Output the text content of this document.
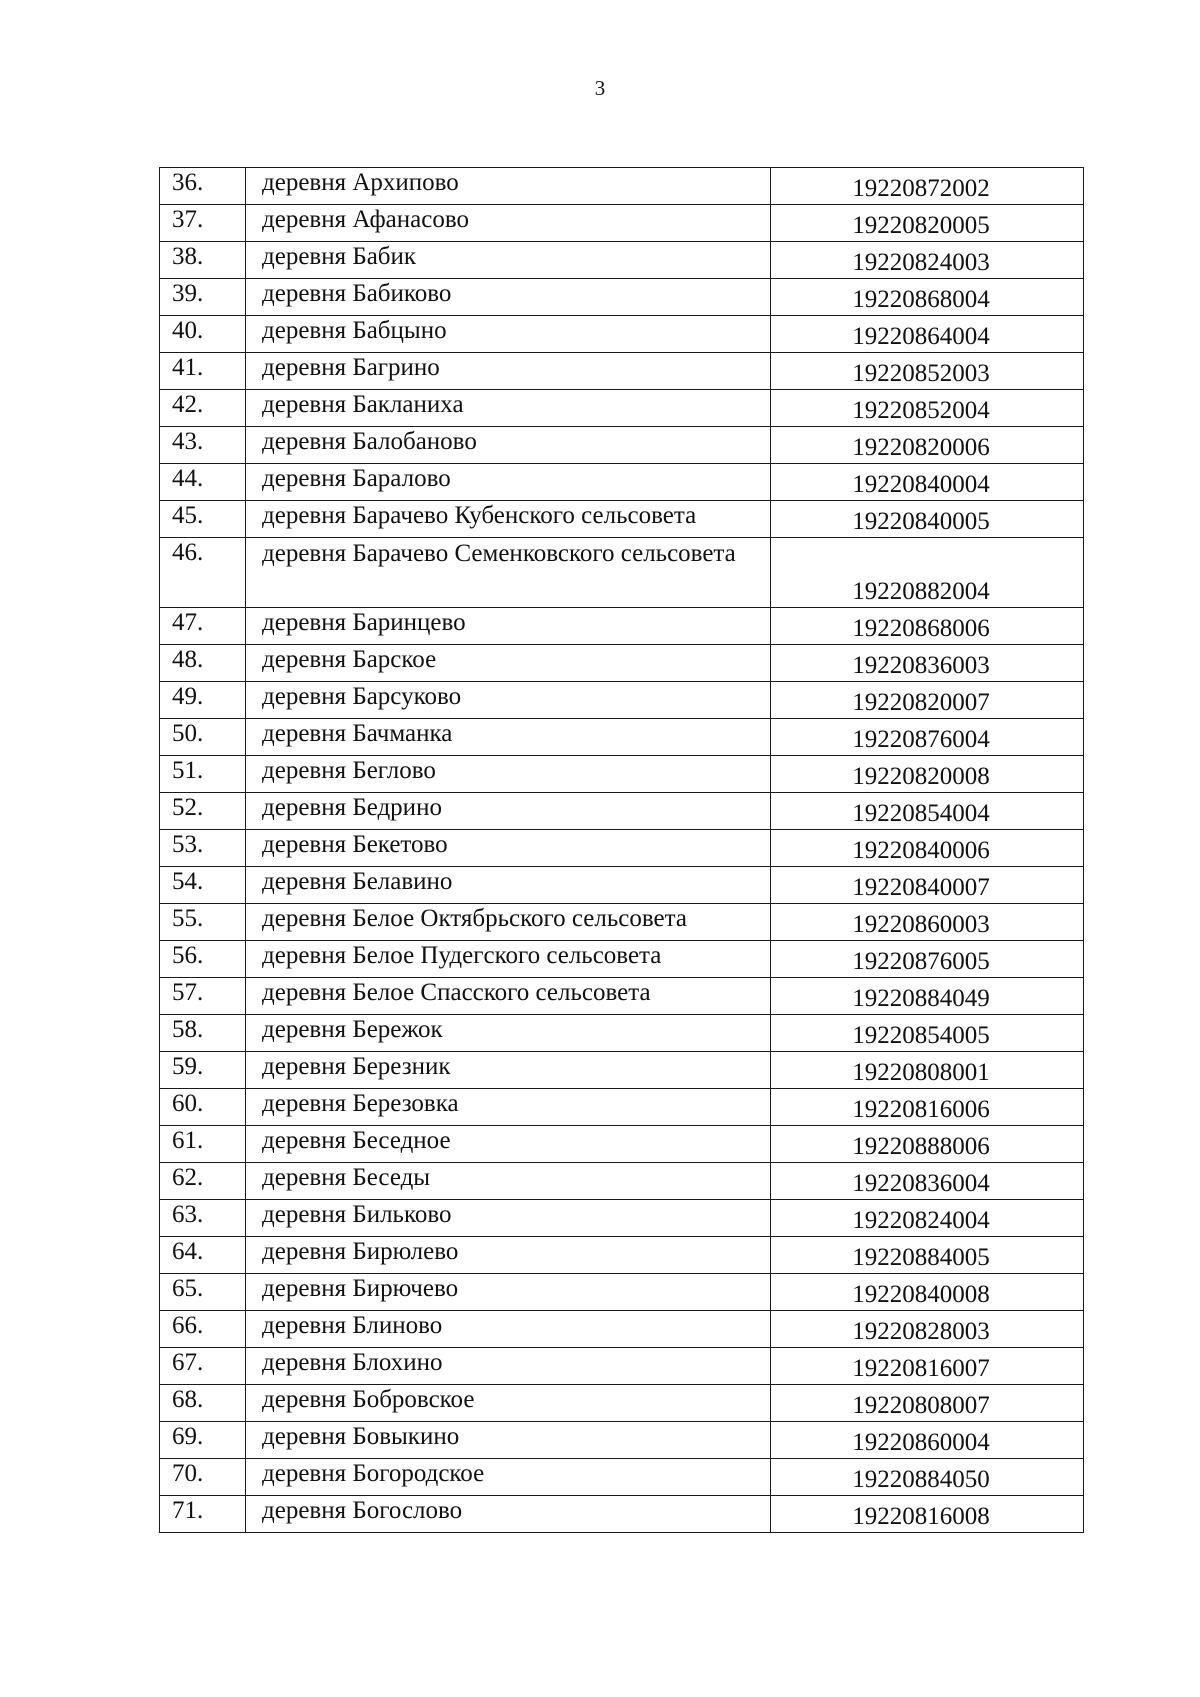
3
36.	деревня Архипово	19220872002
37.	деревня Афанасово	19220820005
38.	деревня Бабик	19220824003
39.	деревня Бабиково	19220868004
40.	деревня Бабцыно	19220864004
41.	деревня Багрино	19220852003
42.	деревня Бакланиха	19220852004
43.	деревня Балобаново	19220820006
44.	деревня Баралово	19220840004
45.	деревня Барачево Кубенского сельсовета	19220840005
46.	деревня Барачево Семенковского сельсовета	19220882004
47.	деревня Баринцево	19220868006
48.	деревня Барское	19220836003
49.	деревня Барсуково	19220820007
50.	деревня Бачманка	19220876004
51.	деревня Беглово	19220820008
52.	деревня Бедрино	19220854004
53.	деревня Бекетово	19220840006
54.	деревня Белавино	19220840007
55.	деревня Белое Октябрьского сельсовета	19220860003
56.	деревня Белое Пудегского сельсовета	19220876005
57.	деревня Белое Спасского сельсовета	19220884049
58.	деревня Бережок	19220854005
59.	деревня Березник	19220808001
60.	деревня Березовка	19220816006
61.	деревня Беседное	19220888006
62.	деревня Беседы	19220836004
63.	деревня Бильково	19220824004
64.	деревня Бирюлево	19220884005
65.	деревня Бирючево	19220840008
66.	деревня Блиново	19220828003
67.	деревня Блохино	19220816007
68.	деревня Бобровское	19220808007
69.	деревня Бовыкино	19220860004
70.	деревня Богородское	19220884050
71.	деревня Богослово	19220816008
